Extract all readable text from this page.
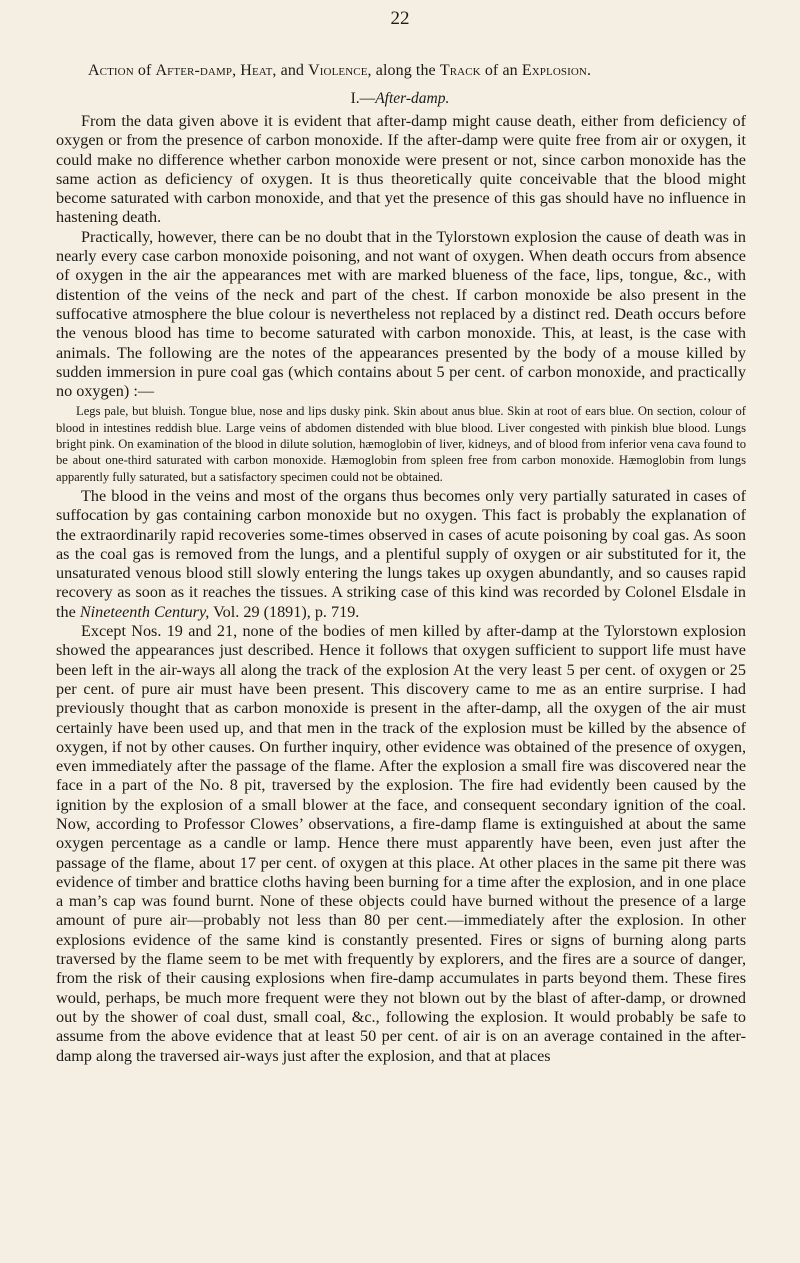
22
Action of After-damp, Heat, and Violence, along the Track of an Explosion.
I.—After-damp.

From the data given above it is evident that after-damp might cause death, either from deficiency of oxygen or from the presence of carbon monoxide. If the after-damp were quite free from air or oxygen, it could make no difference whether carbon monoxide were present or not, since carbon monoxide has the same action as deficiency of oxygen. It is thus theoretically quite conceivable that the blood might become saturated with carbon monoxide, and that yet the presence of this gas should have no influence in hastening death.

Practically, however, there can be no doubt that in the Tylorstown explosion the cause of death was in nearly every case carbon monoxide poisoning, and not want of oxygen. When death occurs from absence of oxygen in the air the appearances met with are marked blueness of the face, lips, tongue, &c., with distention of the veins of the neck and part of the chest. If carbon monoxide be also present in the suffocative atmosphere the blue colour is nevertheless not replaced by a distinct red. Death occurs before the venous blood has time to become saturated with carbon monoxide. This, at least, is the case with animals. The following are the notes of the appearances presented by the body of a mouse killed by sudden immersion in pure coal gas (which contains about 5 per cent. of carbon monoxide, and practically no oxygen) :—

Legs pale, but bluish. Tongue blue, nose and lips dusky pink. Skin about anus blue. Skin at root of ears blue. On section, colour of blood in intestines reddish blue. Large veins of abdomen distended with blue blood. Liver congested with pinkish blue blood. Lungs bright pink. On examination of the blood in dilute solution, hæmoglobin of liver, kidneys, and of blood from inferior vena cava found to be about one-third saturated with carbon monoxide. Hæmoglobin from spleen free from carbon monoxide. Hæmoglobin from lungs apparently fully saturated, but a satisfactory specimen could not be obtained.

The blood in the veins and most of the organs thus becomes only very partially saturated in cases of suffocation by gas containing carbon monoxide but no oxygen. This fact is probably the explanation of the extraordinarily rapid recoveries some-times observed in cases of acute poisoning by coal gas. As soon as the coal gas is removed from the lungs, and a plentiful supply of oxygen or air substituted for it, the unsaturated venous blood still slowly entering the lungs takes up oxygen abundantly, and so causes rapid recovery as soon as it reaches the tissues. A striking case of this kind was recorded by Colonel Elsdale in the Nineteenth Century, Vol. 29 (1891), p. 719.

Except Nos. 19 and 21, none of the bodies of men killed by after-damp at the Tylorstown explosion showed the appearances just described. Hence it follows that oxygen sufficient to support life must have been left in the air-ways all along the track of the explosion At the very least 5 per cent. of oxygen or 25 per cent. of pure air must have been present. This discovery came to me as an entire surprise. I had previously thought that as carbon monoxide is present in the after-damp, all the oxygen of the air must certainly have been used up, and that men in the track of the explosion must be killed by the absence of oxygen, if not by other causes. On further inquiry, other evidence was obtained of the presence of oxygen, even immediately after the passage of the flame. After the explosion a small fire was discovered near the face in a part of the No. 8 pit, traversed by the explosion. The fire had evidently been caused by the ignition by the explosion of a small blower at the face, and consequent secondary ignition of the coal. Now, according to Professor Clowes’ observations, a fire-damp flame is extinguished at about the same oxygen percentage as a candle or lamp. Hence there must apparently have been, even just after the passage of the flame, about 17 per cent. of oxygen at this place. At other places in the same pit there was evidence of timber and brattice cloths having been burning for a time after the explosion, and in one place a man’s cap was found burnt. None of these objects could have burned without the presence of a large amount of pure air—probably not less than 80 per cent.—immediately after the explosion. In other explosions evidence of the same kind is constantly presented. Fires or signs of burning along parts traversed by the flame seem to be met with frequently by explorers, and the fires are a source of danger, from the risk of their causing explosions when fire-damp accumulates in parts beyond them. These fires would, perhaps, be much more frequent were they not blown out by the blast of after-damp, or drowned out by the shower of coal dust, small coal, &c., following the explosion. It would probably be safe to assume from the above evidence that at least 50 per cent. of air is on an average contained in the after-damp along the traversed air-ways just after the explosion, and that at places
